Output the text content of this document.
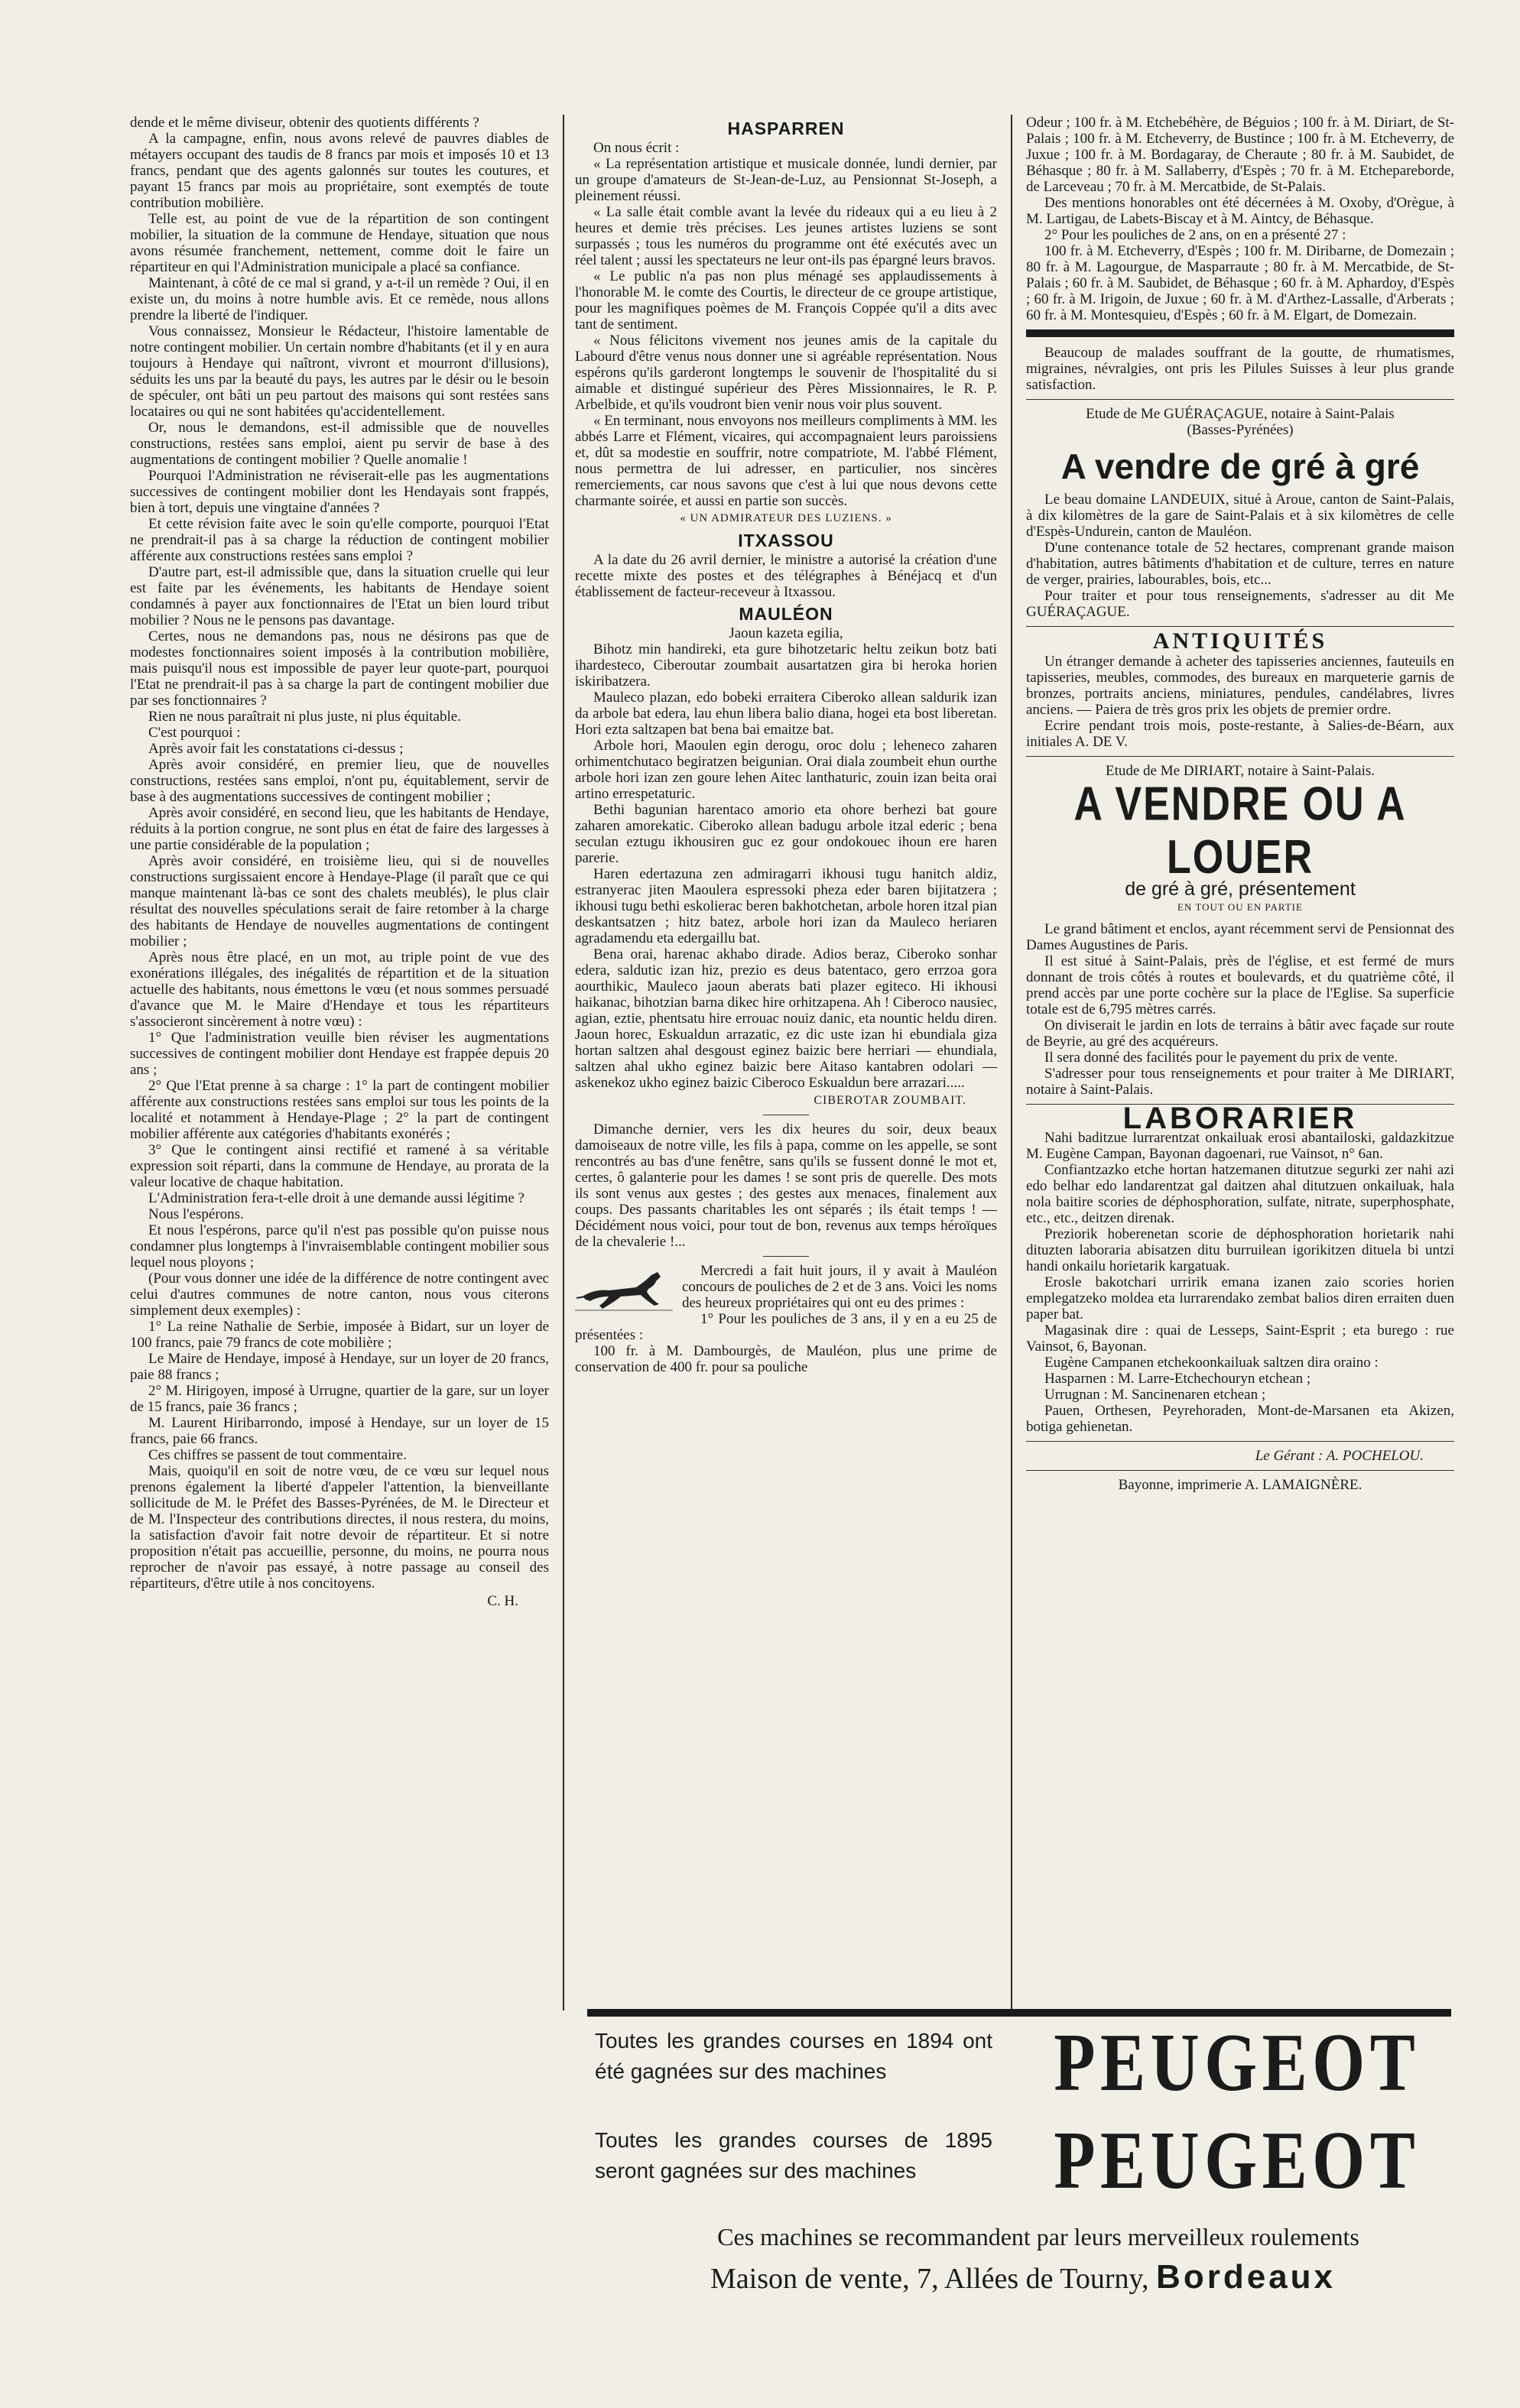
dende et le même diviseur, obtenir des quotients différents ?

A la campagne, enfin, nous avons relevé de pauvres diables de métayers occupant des taudis de 8 francs par mois et imposés 10 et 13 francs, pendant que des agents galonnés sur toutes les coutures, et payant 15 francs par mois au propriétaire, sont exemptés de toute contribution mobilière.

Telle est, au point de vue de la répartition de son contingent mobilier, la situation de la commune de Hendaye, situation que nous avons résumée franchement, nettement, comme doit le faire un répartiteur en qui l'Administration municipale a placé sa confiance.

Maintenant, à côté de ce mal si grand, y a-t-il un remède ? Oui, il en existe un, du moins à notre humble avis. Et ce remède, nous allons prendre la liberté de l'indiquer.

Vous connaissez, Monsieur le Rédacteur, l'histoire lamentable de notre contingent mobilier. Un certain nombre d'habitants (et il y en aura toujours à Hendaye qui naîtront, vivront et mourront d'illusions), séduits les uns par la beauté du pays, les autres par le désir ou le besoin de spéculer, ont bâti un peu partout des maisons qui sont restées sans locataires ou qui ne sont habitées qu'accidentellement.

Or, nous le demandons, est-il admissible que de nouvelles constructions, restées sans emploi, aient pu servir de base à des augmentations de contingent mobilier ? Quelle anomalie !

Pourquoi l'Administration ne réviserait-elle pas les augmentations successives de contingent mobilier dont les Hendayais sont frappés, bien à tort, depuis une vingtaine d'années ?

Et cette révision faite avec le soin qu'elle comporte, pourquoi l'Etat ne prendrait-il pas à sa charge la réduction de contingent mobilier afférente aux constructions restées sans emploi ?

D'autre part, est-il admissible que, dans la situation cruelle qui leur est faite par les événements, les habitants de Hendaye soient condamnés à payer aux fonctionnaires de l'Etat un bien lourd tribut mobilier ? Nous ne le pensons pas davantage.

Certes, nous ne demandons pas, nous ne désirons pas que de modestes fonctionnaires soient imposés à la contribution mobilière, mais puisqu'il nous est impossible de payer leur quote-part, pourquoi l'Etat ne prendrait-il pas à sa charge la part de contingent mobilier due par ses fonctionnaires ?

Rien ne nous paraîtrait ni plus juste, ni plus équitable.

C'est pourquoi :

Après avoir fait les constatations ci-dessus ;

Après avoir considéré, en premier lieu, que de nouvelles constructions, restées sans emploi, n'ont pu, équitablement, servir de base à des augmentations successives de contingent mobilier ;

Après avoir considéré, en second lieu, que les habitants de Hendaye, réduits à la portion congrue, ne sont plus en état de faire des largesses à une partie considérable de la population ;

Après avoir considéré, en troisième lieu, qui si de nouvelles constructions surgissaient encore à Hendaye-Plage (il paraît que ce qui manque maintenant là-bas ce sont des chalets meublés), le plus clair résultat des nouvelles spéculations serait de faire retomber à la charge des habitants de Hendaye de nouvelles augmentations de contingent mobilier ;

Après nous être placé, en un mot, au triple point de vue des exonérations illégales, des inégalités de répartition et de la situation actuelle des habitants, nous émettons le vœu (et nous sommes persuadé d'avance que M. le Maire d'Hendaye et tous les répartiteurs s'associeront sincèrement à notre vœu) :

1° Que l'administration veuille bien réviser les augmentations successives de contingent mobilier dont Hendaye est frappée depuis 20 ans ;

2° Que l'Etat prenne à sa charge : 1° la part de contingent mobilier afférente aux constructions restées sans emploi sur tous les points de la localité et notamment à Hendaye-Plage ; 2° la part de contingent mobilier afférente aux catégories d'habitants exonérés ;

3° Que le contingent ainsi rectifié et ramené à sa véritable expression soit réparti, dans la commune de Hendaye, au prorata de la valeur locative de chaque habitation.

L'Administration fera-t-elle droit à une demande aussi légitime ?

Nous l'espérons.

Et nous l'espérons, parce qu'il n'est pas possible qu'on puisse nous condamner plus longtemps à l'invraisemblable contingent mobilier sous lequel nous ployons ;

(Pour vous donner une idée de la différence de notre contingent avec celui d'autres communes de notre canton, nous vous citerons simplement deux exemples) :

1° La reine Nathalie de Serbie, imposée à Bidart, sur un loyer de 100 francs, paie 79 francs de cote mobilière ;

Le Maire de Hendaye, imposé à Hendaye, sur un loyer de 20 francs, paie 88 francs ;

2° M. Hirigoyen, imposé à Urrugne, quartier de la gare, sur un loyer de 15 francs, paie 36 francs ;

M. Laurent Hiribarrondo, imposé à Hendaye, sur un loyer de 15 francs, paie 66 francs.

Ces chiffres se passent de tout commentaire.

Mais, quoiqu'il en soit de notre vœu, de ce vœu sur lequel nous prenons également la liberté d'appeler l'attention, la bienveillante sollicitude de M. le Préfet des Basses-Pyrénées, de M. le Directeur et de M. l'Inspecteur des contributions directes, il nous restera, du moins, la satisfaction d'avoir fait notre devoir de répartiteur. Et si notre proposition n'était pas accueillie, personne, du moins, ne pourra nous reprocher de n'avoir pas essayé, à notre passage au conseil des répartiteurs, d'être utile à nos concitoyens.

C. H.
HASPARREN

On nous écrit :

« La représentation artistique et musicale donnée, lundi dernier, par un groupe d'amateurs de St-Jean-de-Luz, au Pensionnat St-Joseph, a pleinement réussi.

« La salle était comble avant la levée du rideaux qui a eu lieu à 2 heures et demie très précises. Les jeunes artistes luziens se sont surpassés ; tous les numéros du programme ont été exécutés avec un réel talent ; aussi les spectateurs ne leur ont-ils pas épargné leurs bravos.

« Le public n'a pas non plus ménagé ses applaudissements à l'honorable M. le comte des Courtis, le directeur de ce groupe artistique, pour les magnifiques poèmes de M. François Coppée qu'il a dits avec tant de sentiment.

« Nous félicitons vivement nos jeunes amis de la capitale du Labourd d'être venus nous donner une si agréable représentation. Nous espérons qu'ils garderont longtemps le souvenir de l'hospitalité du si aimable et distingué supérieur des Pères Missionnaires, le R. P. Arbelbide, et qu'ils voudront bien venir nous voir plus souvent.

« En terminant, nous envoyons nos meilleurs compliments à MM. les abbés Larre et Flément, vicaires, qui accompagnaient leurs paroissiens et, dût sa modestie en souffrir, notre compatriote, M. l'abbé Flément, nous permettra de lui adresser, en particulier, nos sincères remerciements, car nous savons que c'est à lui que nous devons cette charmante soirée, et aussi en partie son succès.

« UN ADMIRATEUR DES LUZIENS. »
ITXASSOU

A la date du 26 avril dernier, le ministre a autorisé la création d'une recette mixte des postes et des télégraphes à Bénéjacq et d'un établissement de facteur-receveur à Itxassou.

MAULÉON

Jaoun kazeta egilia,

Bihotz min handireki, eta gure bihotzetaric heltu zeikun botz bati ihardesteco, Ciberoutar zoumbait ausartatzen gira bi heroka horien iskiribatzera.

Mauleco plazan, edo bobeki erraitera Ciberoko allean saldurik izan da arbole bat edera, lau ehun libera balio diana, hogei eta bost liberetan. Hori ezta saltzapen bat bena bai emaitze bat.

Arbole hori, Maoulen egin derogu, oroc dolu ; leheneco zaharen orhimentchutaco begiratzen beigunian. Orai diala zoumbeit ehun ourthe arbole hori izan zen goure lehen Aitec lanthaturic, zouin izan beita orai artino errespetaturic.

Bethi bagunian harentaco amorio eta ohore berhezi bat goure zaharen amorekatic. Ciberoko allean badugu arbole itzal ederic ; bena seculan eztugu ikhousiren guc ez gour ondokouec ihoun ere haren parerie.

Haren edertazuna zen admiragarri ikhousi tugu hanitch aldiz, estranyerac jiten Maoulera espressoki pheza eder baren bijitatzera ; ikhousi tugu bethi eskolierac beren bakhotchetan, arbole horen itzal pian deskantsatzen ; hitz batez, arbole hori izan da Mauleco heriaren agradamendu eta edergaillu bat.

Bena orai, harenac akhabo dirade. Adios beraz, Ciberoko sonhar edera, saldutic izan hiz, prezio es deus batentaco, gero errzoa gora aourthikic, Mauleco jaoun aberats bati plazer egiteco. Hi ikhousi haikanac, bihotzian barna dikec hire orhitzapena. Ah ! Ciberoco nausiec, agian, eztie, phentsatu hire errouac nouiz danic, eta nountic heldu diren. Jaoun horec, Eskualdun arrazatic, ez dic uste izan hi ebundiala giza hortan saltzen ahal desgoust eginez baizic bere herriari — ehundiala, saltzen ahal ukho eginez baizic bere Aitaso kantabren odolari — askenekoz ukho eginez baizic Ciberoco Eskualdun bere arrazari.....

CIBEROTAR ZOUMBAIT.

Dimanche dernier, vers les dix heures du soir, deux beaux damoiseaux de notre ville, les fils à papa, comme on les appelle, se sont rencontrés au bas d'une fenêtre, sans qu'ils se fussent donné le mot et, certes, ô galanterie pour les dames ! se sont pris de querelle. Des mots ils sont venus aux gestes ; des gestes aux menaces, finalement aux coups. Des passants charitables les ont séparés ; ils était temps ! — Décidément nous voici, pour tout de bon, revenus aux temps héroïques de la chevalerie !...

Mercredi a fait huit jours, il y avait à Mauléon concours de pouliches de 2 et de 3 ans. Voici les noms des heureux propriétaires qui ont eu des primes :

1° Pour les pouliches de 3 ans, il y en a eu 25 de présentées :

100 fr. à M. Dambourgès, de Mauléon, plus une prime de conservation de 400 fr. pour sa pouliche

Odeur ; 100 fr. à M. Etchebéhère, de Béguios ; 100 fr. à M. Diriart, de St-Palais ; 100 fr. à M. Etcheverry, de Bustince ; 100 fr. à M. Etcheverry, de Juxue ; 100 fr. à M. Bordagaray, de Cheraute ; 80 fr. à M. Saubidet, de Béhasque ; 80 fr. à M. Sallaberry, d'Espès ; 70 fr. à M. Etchepareborde, de Larceveau ; 70 fr. à M. Mercatbide, de St-Palais.

Des mentions honorables ont été décernées à M. Oxoby, d'Orègue, à M. Lartigau, de Labets-Biscay et à M. Aintcy, de Béhasque.

2° Pour les pouliches de 2 ans, on en a présenté 27 :

100 fr. à M. Etcheverry, d'Espès ; 100 fr. M. Diribarne, de Domezain ; 80 fr. à M. Lagourgue, de Masparraute ; 80 fr. à M. Mercatbide, de St-Palais ; 60 fr. à M. Saubidet, de Béhasque ; 60 fr. à M. Aphardoy, d'Espès ; 60 fr. à M. Irigoin, de Juxue ; 60 fr. à M. d'Arthez-Lassalle, d'Arberats ; 60 fr. à M. Montesquieu, d'Espès ; 60 fr. à M. Elgart, de Domezain.

Beaucoup de malades souffrant de la goutte, de rhumatismes, migraines, névralgies, ont pris les Pilules Suisses à leur plus grande satisfaction.

Etude de Me GUÉRAÇAGUE, notaire à Saint-Palais

(Basses-Pyrénées)

A vendre de gré à gré

Le beau domaine LANDEUIX, situé à Aroue, canton de Saint-Palais, à dix kilomètres de la gare de Saint-Palais et à six kilomètres de celle d'Espès-Undurein, canton de Mauléon.

D'une contenance totale de 52 hectares, comprenant grande maison d'habitation, autres bâtiments d'habitation et de culture, terres en nature de verger, prairies, labourables, bois, etc...

Pour traiter et pour tous renseignements, s'adresser au dit Me GUÉRAÇAGUE.

ANTIQUITÉS

Un étranger demande à acheter des tapisseries anciennes, fauteuils en tapisseries, meubles, commodes, des bureaux en marqueterie garnis de bronzes, portraits anciens, miniatures, pendules, candélabres, livres anciens. — Paiera de très gros prix les objets de premier ordre.

Ecrire pendant trois mois, poste-restante, à Salies-de-Béarn, aux initiales A. DE V.

Etude de Me DIRIART, notaire à Saint-Palais.

A VENDRE OU A LOUER
de gré à gré, présentement
EN TOUT OU EN PARTIE

Le grand bâtiment et enclos, ayant récemment servi de Pensionnat des Dames Augustines de Paris.

Il est situé à Saint-Palais, près de l'église, et est fermé de murs donnant de trois côtés à routes et boulevards, et du quatrième côté, il prend accès par une porte cochère sur la place de l'Eglise. Sa superficie totale est de 6,795 mètres carrés.

On diviserait le jardin en lots de terrains à bâtir avec façade sur route de Beyrie, au gré des acquéreurs.

Il sera donné des facilités pour le payement du prix de vente.

S'adresser pour tous renseignements et pour traiter à Me DIRIART, notaire à Saint-Palais.

LABORARIER

Nahi baditzue lurrarentzat onkailuak erosi abantailoski, galdazkitzue M. Eugène Campan, Bayonan dagoenari, rue Vainsot, n° 6an.

Confiantzazko etche hortan hatzemanen ditutzue segurki zer nahi azi edo belhar edo landarentzat gal daitzen ahal ditutzuen onkailuak, hala nola baitire scories de déphosphoration, sulfate, nitrate, superphosphate, etc., etc., deitzen direnak.

Preziorik hoberenetan scorie de déphosphoration horietarik nahi dituzten laboraria abisatzen ditu burruilean igorikitzen dituela bi untzi handi onkailu horietarik kargatuak.

Erosle bakotchari urririk emana izanen zaio scories horien emplegatzeko moldea eta lurrarendako zembat balios diren erraiten duen paper bat.

Magasinak dire : quai de Lesseps, Saint-Esprit ; eta burego : rue Vainsot, 6, Bayonan.

Eugène Campanen etchekoonkailuak saltzen dira oraino :

Hasparnen : M. Larre-Etchechouryn etchean ;

Urrugnan : M. Sancinenaren etchean ;

Pauen, Orthesen, Peyrehoraden, Mont-de-Marsanen eta Akizen, botiga gehienetan.

Le Gérant : A. POCHELOU.

Bayonne, imprimerie A. LAMAIGNÈRE.

Toutes les grandes courses en 1894 ont été gagnées sur des machines	PEUGEOT
Toutes les grandes courses de 1895 seront gagnées sur des machines	PEUGEOT
Ces machines se recommandent par leurs merveilleux roulements
Maison de vente, 7, Allées de Tourny, Bordeaux
